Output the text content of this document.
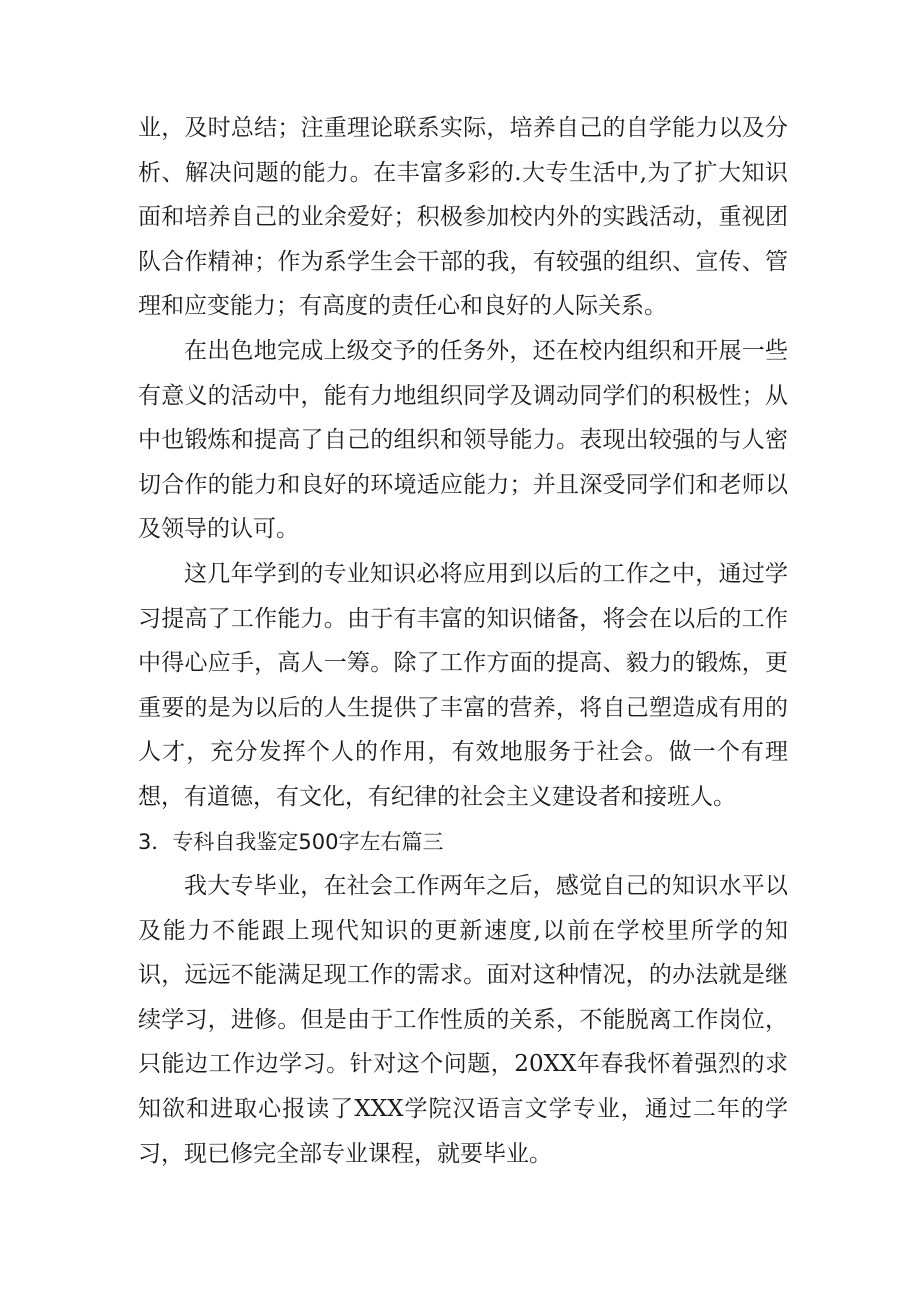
业，及时总结；注重理论联系实际，培养自己的自学能力以及分析、解决问题的能力。在丰富多彩的.大专生活中,为了扩大知识面和培养自己的业余爱好；积极参加校内外的实践活动，重视团队合作精神；作为系学生会干部的我，有较强的组织、宣传、管理和应变能力；有高度的责任心和良好的人际关系。

在出色地完成上级交予的任务外，还在校内组织和开展一些有意义的活动中，能有力地组织同学及调动同学们的积极性；从中也锻炼和提高了自己的组织和领导能力。表现出较强的与人密切合作的能力和良好的环境适应能力；并且深受同学们和老师以及领导的认可。

这几年学到的专业知识必将应用到以后的工作之中，通过学习提高了工作能力。由于有丰富的知识储备，将会在以后的工作中得心应手，高人一筹。除了工作方面的提高、毅力的锻炼，更重要的是为以后的人生提供了丰富的营养，将自己塑造成有用的人才，充分发挥个人的作用，有效地服务于社会。做一个有理想，有道德，有文化，有纪律的社会主义建设者和接班人。

3．专科自我鉴定500字左右篇三

我大专毕业，在社会工作两年之后，感觉自己的知识水平以及能力不能跟上现代知识的更新速度,以前在学校里所学的知识，远远不能满足现工作的需求。面对这种情况，的办法就是继续学习，进修。但是由于工作性质的关系，不能脱离工作岗位，只能边工作边学习。针对这个问题，20XX年春我怀着强烈的求知欲和进取心报读了XXX学院汉语言文学专业，通过二年的学习，现已修完全部专业课程，就要毕业。
